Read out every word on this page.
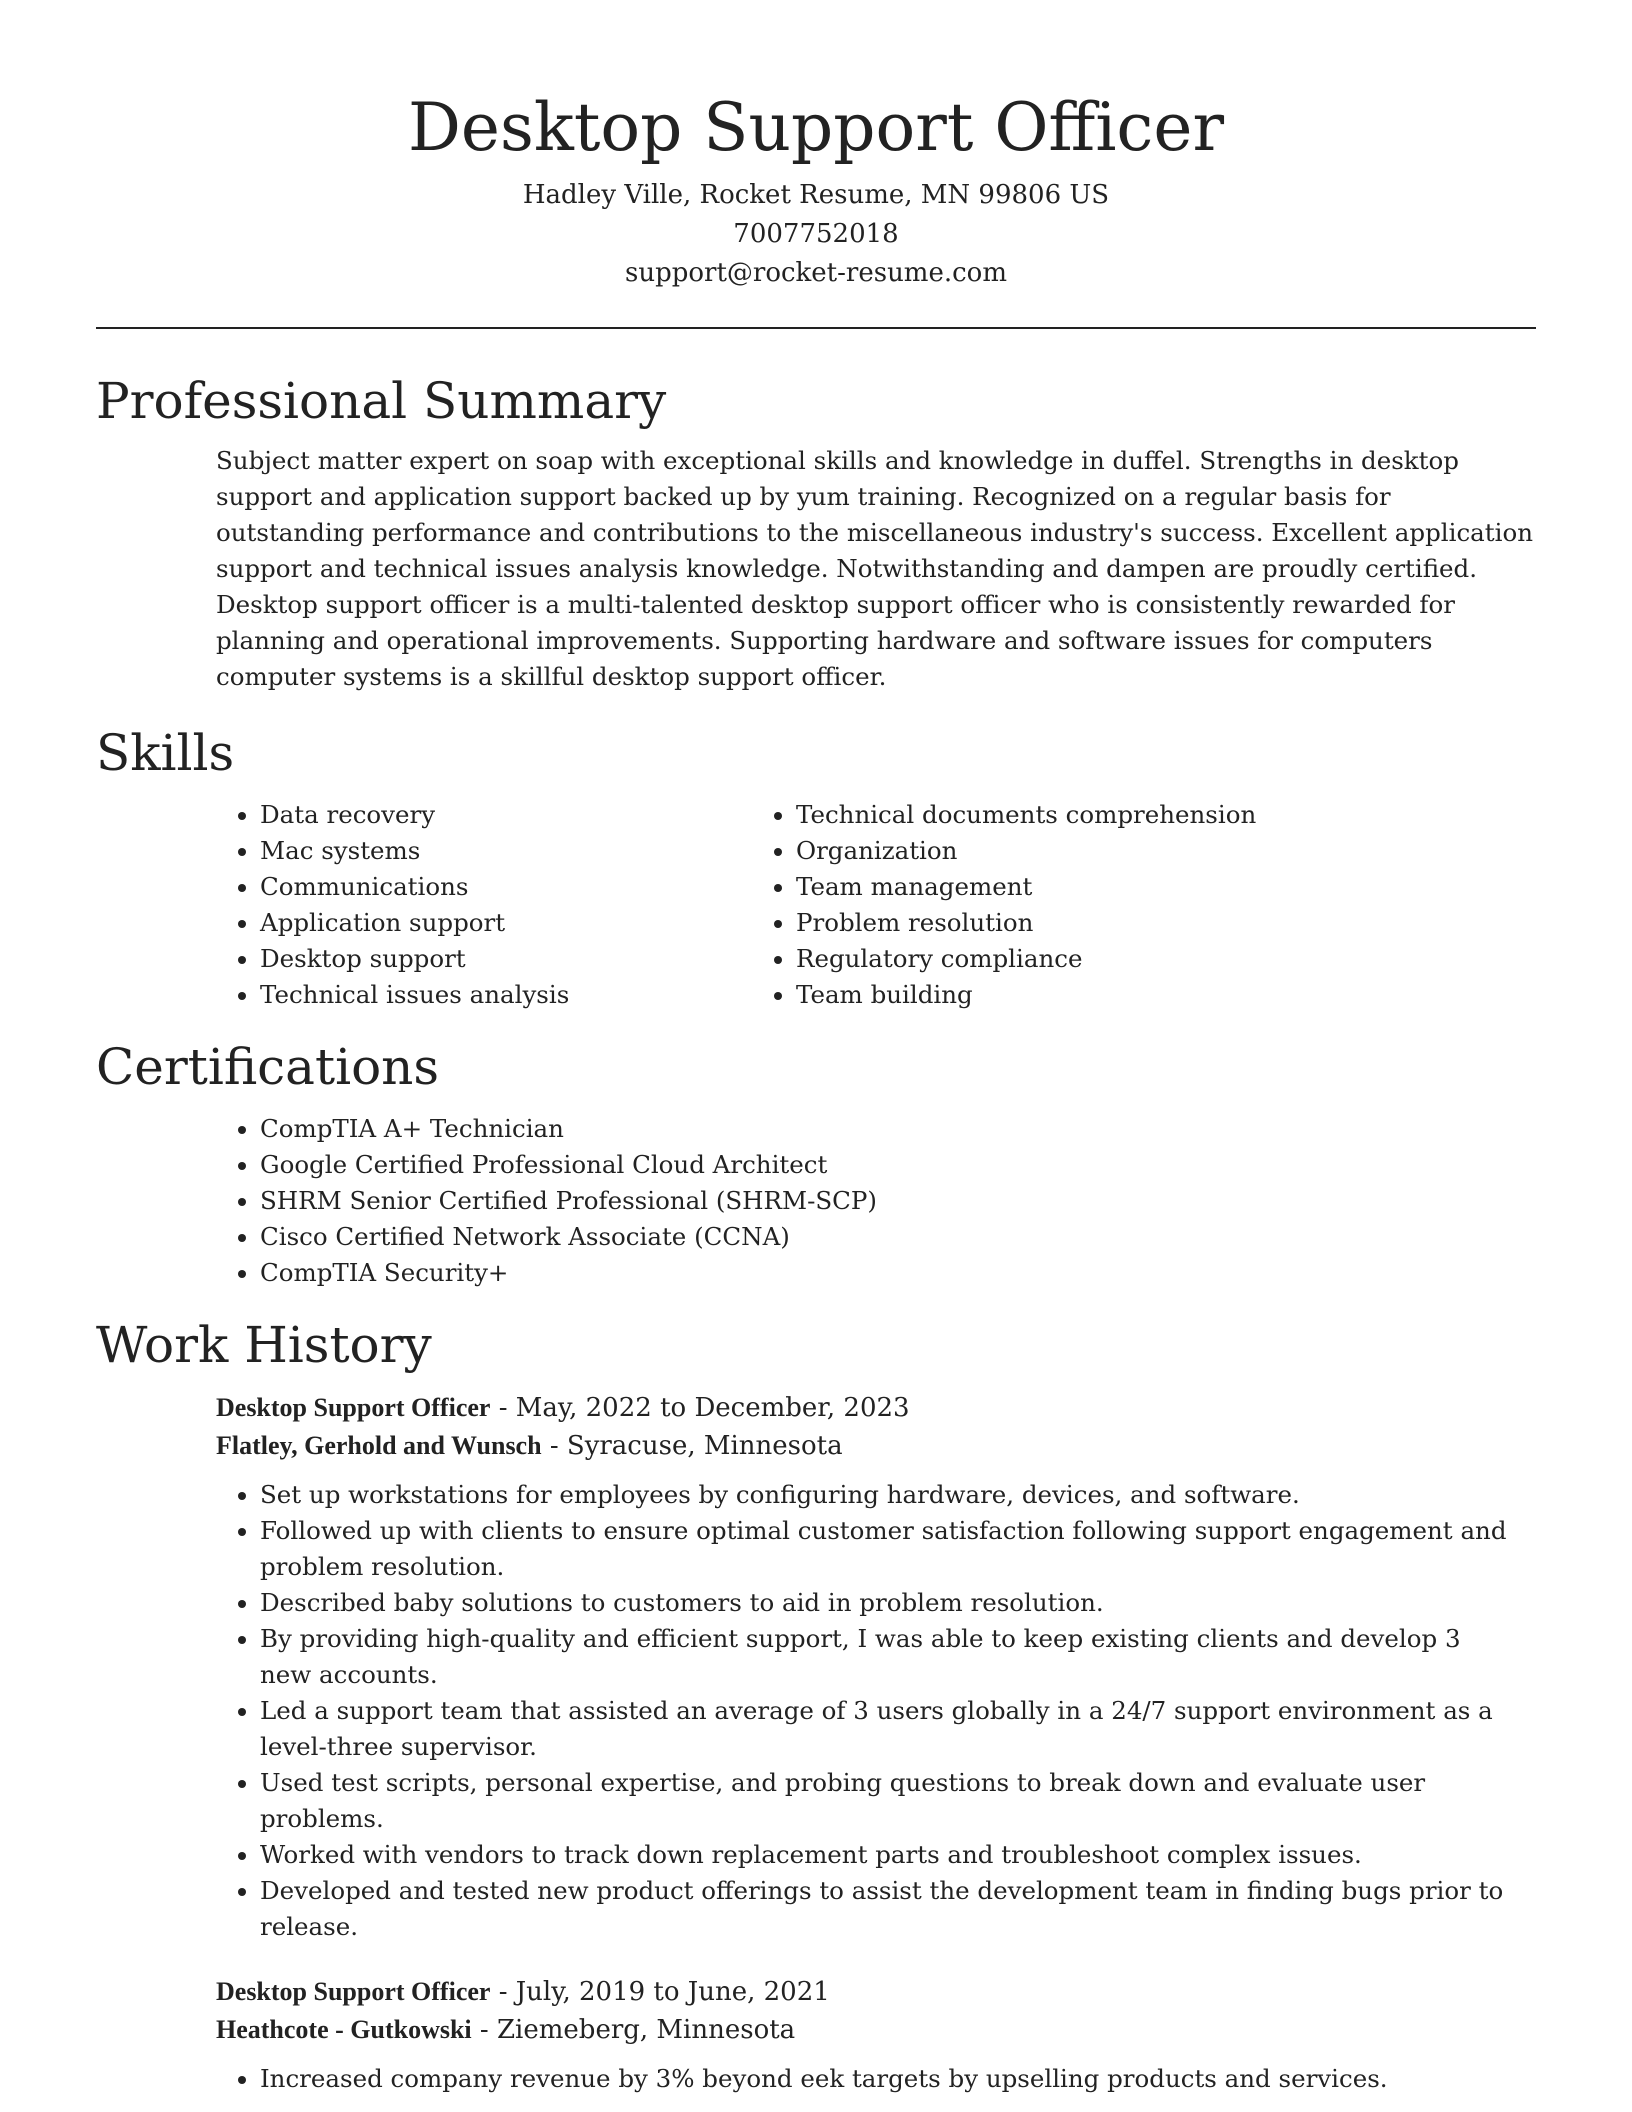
Desktop Support Officer
Hadley Ville, Rocket Resume, MN 99806 US
7007752018
support@rocket-resume.com
Professional Summary
Subject matter expert on soap with exceptional skills and knowledge in duffel. Strengths in desktop support and application support backed up by yum training. Recognized on a regular basis for outstanding performance and contributions to the miscellaneous industry's success. Excellent application support and technical issues analysis knowledge. Notwithstanding and dampen are proudly certified. Desktop support officer is a multi-talented desktop support officer who is consistently rewarded for planning and operational improvements. Supporting hardware and software issues for computers computer systems is a skillful desktop support officer.
Skills
• Data recovery
• Mac systems
• Communications
• Application support
• Desktop support
• Technical issues analysis
• Technical documents comprehension
• Organization
• Team management
• Problem resolution
• Regulatory compliance
• Team building
Certifications
• CompTIA A+ Technician
• Google Certified Professional Cloud Architect
• SHRM Senior Certified Professional (SHRM-SCP)
• Cisco Certified Network Associate (CCNA)
• CompTIA Security+
Work History
Desktop Support Officer - May, 2022 to December, 2023
Flatley, Gerhold and Wunsch - Syracuse, Minnesota
• Set up workstations for employees by configuring hardware, devices, and software.
• Followed up with clients to ensure optimal customer satisfaction following support engagement and problem resolution.
• Described baby solutions to customers to aid in problem resolution.
• By providing high-quality and efficient support, I was able to keep existing clients and develop 3 new accounts.
• Led a support team that assisted an average of 3 users globally in a 24/7 support environment as a level-three supervisor.
• Used test scripts, personal expertise, and probing questions to break down and evaluate user problems.
• Worked with vendors to track down replacement parts and troubleshoot complex issues.
• Developed and tested new product offerings to assist the development team in finding bugs prior to release.
Desktop Support Officer - July, 2019 to June, 2021
Heathcote - Gutkowski - Ziemeberg, Minnesota
• Increased company revenue by 3% beyond eek targets by upselling products and services.
